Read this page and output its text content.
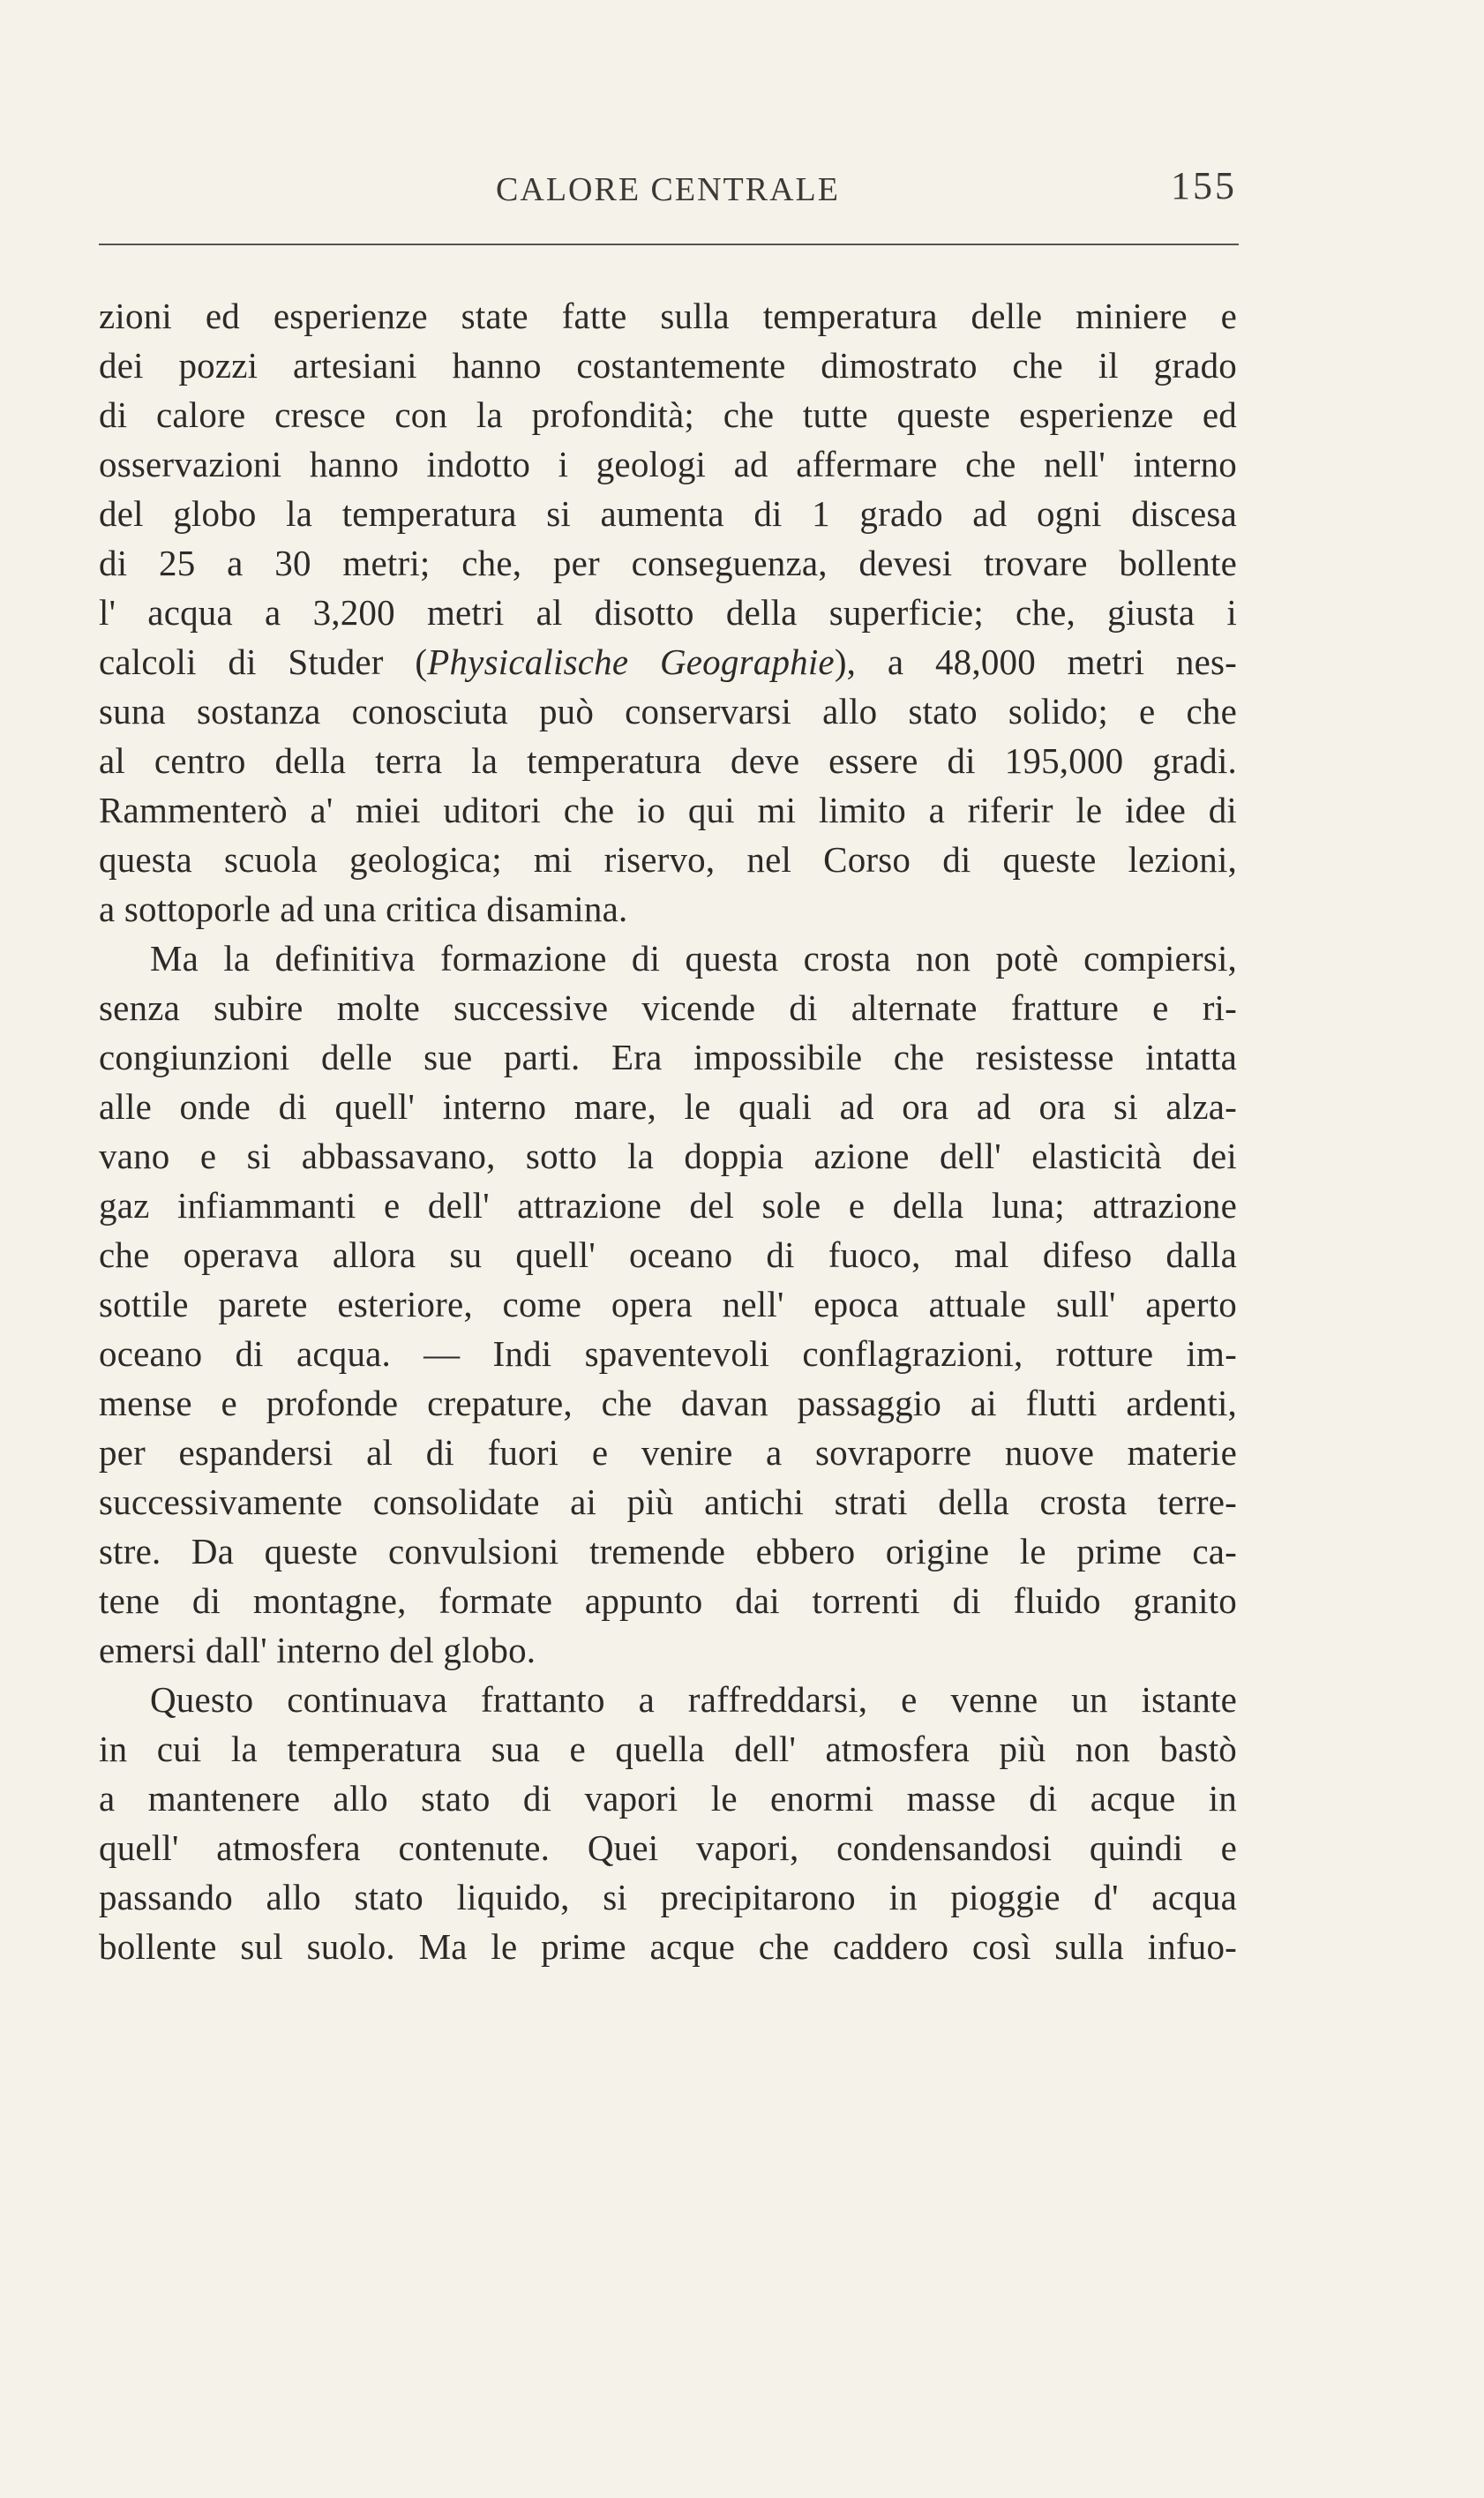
CALORE CENTRALE	155
zioni ed esperienze state fatte sulla temperatura delle miniere e
dei pozzi artesiani hanno costantemente dimostrato che il grado
di calore cresce con la profondità; che tutte queste esperienze ed
osservazioni hanno indotto i geologi ad affermare che nell' interno
del globo la temperatura si aumenta di 1 grado ad ogni discesa
di 25 a 30 metri; che, per conseguenza, devesi trovare bollente
l' acqua a 3,200 metri al disotto della superficie; che, giusta i
calcoli di Studer (Physicalische Geographie), a 48,000 metri nes-
suna sostanza conosciuta può conservarsi allo stato solido; e che
al centro della terra la temperatura deve essere di 195,000 gradi.
Rammenterò a' miei uditori che io qui mi limito a riferir le idee di
questa scuola geologica; mi riservo, nel Corso di queste lezioni,
a sottoporle ad una critica disamina.
Ma la definitiva formazione di questa crosta non potè compiersi,
senza subire molte successive vicende di alternate fratture e ri-
congiunzioni delle sue parti. Era impossibile che resistesse intatta
alle onde di quell' interno mare, le quali ad ora ad ora si alza-
vano e si abbassavano, sotto la doppia azione dell' elasticità dei
gaz infiammanti e dell' attrazione del sole e della luna; attrazione
che operava allora su quell' oceano di fuoco, mal difeso dalla
sottile parete esteriore, come opera nell' epoca attuale sull' aperto
oceano di acqua. — Indi spaventevoli conflagrazioni, rotture im-
mense e profonde crepature, che davan passaggio ai flutti ardenti,
per espandersi al di fuori e venire a sovraporre nuove materie
successivamente consolidate ai più antichi strati della crosta terre-
stre. Da queste convulsioni tremende ebbero origine le prime ca-
tene di montagne, formate appunto dai torrenti di fluido granito
emersi dall' interno del globo.
Questo continuava frattanto a raffreddarsi, e venne un istante
in cui la temperatura sua e quella dell' atmosfera più non bastò
a mantenere allo stato di vapori le enormi masse di acque in
quell' atmosfera contenute. Quei vapori, condensandosi quindi e
passando allo stato liquido, si precipitarono in pioggie d' acqua
bollente sul suolo. Ma le prime acque che caddero così sulla infuo-
